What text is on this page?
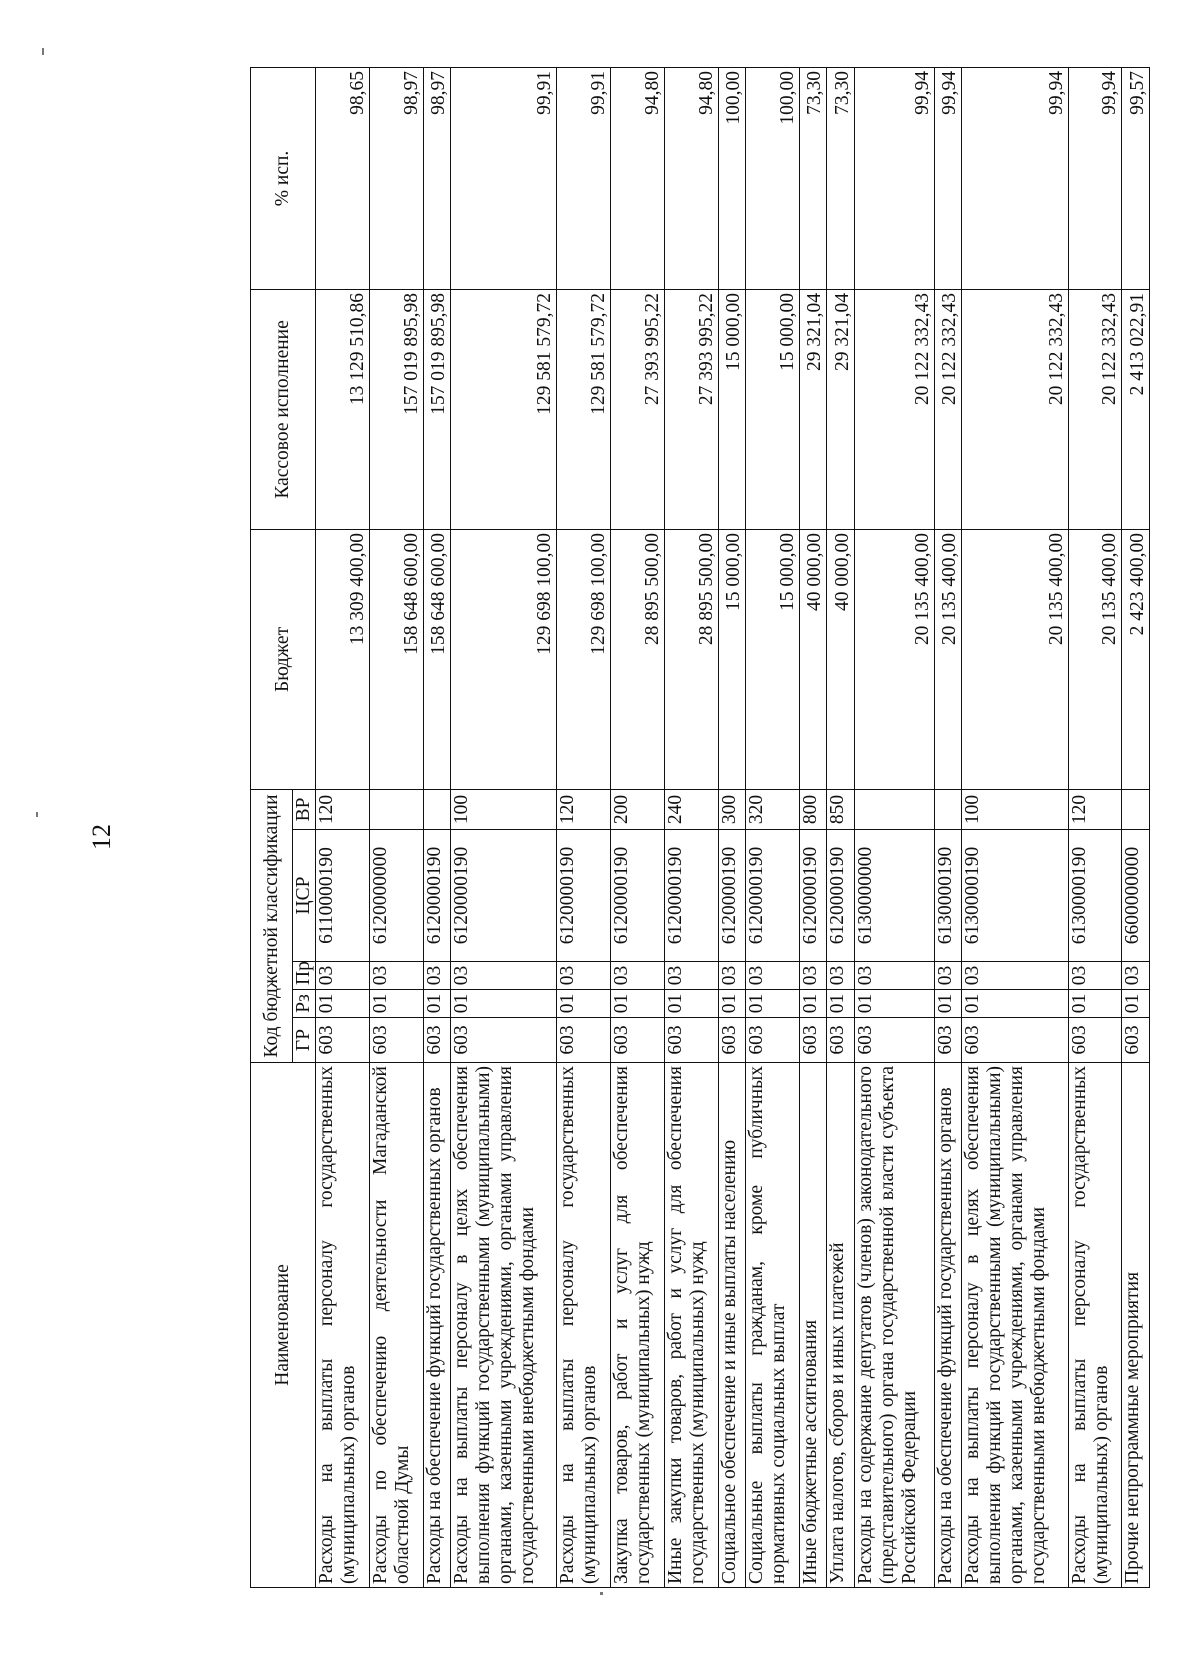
12
Наименование	Код бюджетной классификации					Бюджет	Кассовое исполнение	% исп.
	ГР	Рз	Пр	ЦСР	ВР			
Расходы на выплаты персоналу государственных (муниципальных) органов	603	01	03	6110000190	120	13 309 400,00	13 129 510,86	98,65
Расходы по обеспечению деятельности Магаданской областной Думы	603	01	03	6120000000		158 648 600,00	157 019 895,98	98,97
Расходы на обеспечение функций государственных органов	603	01	03	6120000190		158 648 600,00	157 019 895,98	98,97
Расходы на выплаты персоналу в целях обеспечения выполнения функций государственными (муниципальными) органами, казенными учреждениями, органами управления государственными внебюджетными фондами	603	01	03	6120000190	100	129 698 100,00	129 581 579,72	99,91
Расходы на выплаты персоналу государственных (муниципальных) органов	603	01	03	6120000190	120	129 698 100,00	129 581 579,72	99,91
Закупка товаров, работ и услуг для обеспечения государственных (муниципальных) нужд	603	01	03	6120000190	200	28 895 500,00	27 393 995,22	94,80
Иные закупки товаров, работ и услуг для обеспечения государственных (муниципальных) нужд	603	01	03	6120000190	240	28 895 500,00	27 393 995,22	94,80
Социальное обеспечение и иные выплаты населению	603	01	03	6120000190	300	15 000,00	15 000,00	100,00
Социальные выплаты гражданам, кроме публичных нормативных социальных выплат	603	01	03	6120000190	320	15 000,00	15 000,00	100,00
Иные бюджетные ассигнования	603	01	03	6120000190	800	40 000,00	29 321,04	73,30
Уплата налогов, сборов и иных платежей	603	01	03	6120000190	850	40 000,00	29 321,04	73,30
Расходы на содержание депутатов (членов) законодательного (представительного) органа государственной власти субъекта Российской Федерации	603	01	03	6130000000		20 135 400,00	20 122 332,43	99,94
Расходы на обеспечение функций государственных органов	603	01	03	6130000190		20 135 400,00	20 122 332,43	99,94
Расходы на выплаты персоналу в целях обеспечения выполнения функций государственными (муниципальными) органами, казенными учреждениями, органами управления государственными внебюджетными фондами	603	01	03	6130000190	100	20 135 400,00	20 122 332,43	99,94
Расходы на выплаты персоналу государственных (муниципальных) органов	603	01	03	6130000190	120	20 135 400,00	20 122 332,43	99,94
Прочие непрограммные мероприятия	603	01	03	6600000000		2 423 400,00	2 413 022,91	99,57
